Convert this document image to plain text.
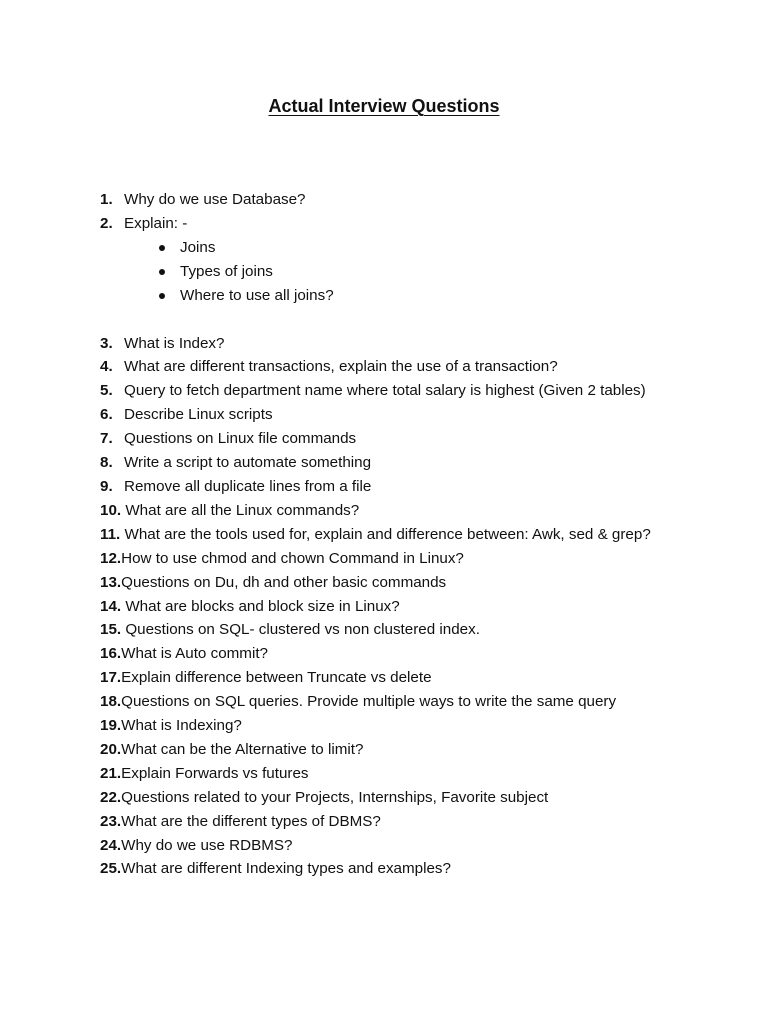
Actual Interview Questions
1. Why do we use Database?
2. Explain: -
Joins
Types of joins
Where to use all joins?
3. What is Index?
4. What are different transactions, explain the use of a transaction?
5. Query to fetch department name where total salary is highest (Given 2 tables)
6. Describe Linux scripts
7. Questions on Linux file commands
8. Write a script to automate something
9. Remove all duplicate lines from a file
10. What are all the Linux commands?
11. What are the tools used for, explain and difference between: Awk, sed & grep?
12.How to use chmod and chown Command in Linux?
13.Questions on Du, dh and other basic commands
14. What are blocks and block size in Linux?
15. Questions on SQL- clustered vs non clustered index.
16.What is Auto commit?
17.Explain difference between Truncate vs delete
18.Questions on SQL queries. Provide multiple ways to write the same query
19.What is Indexing?
20.What can be the Alternative to limit?
21.Explain Forwards vs futures
22.Questions related to your Projects, Internships, Favorite subject
23.What are the different types of DBMS?
24.Why do we use RDBMS?
25.What are different Indexing types and examples?
